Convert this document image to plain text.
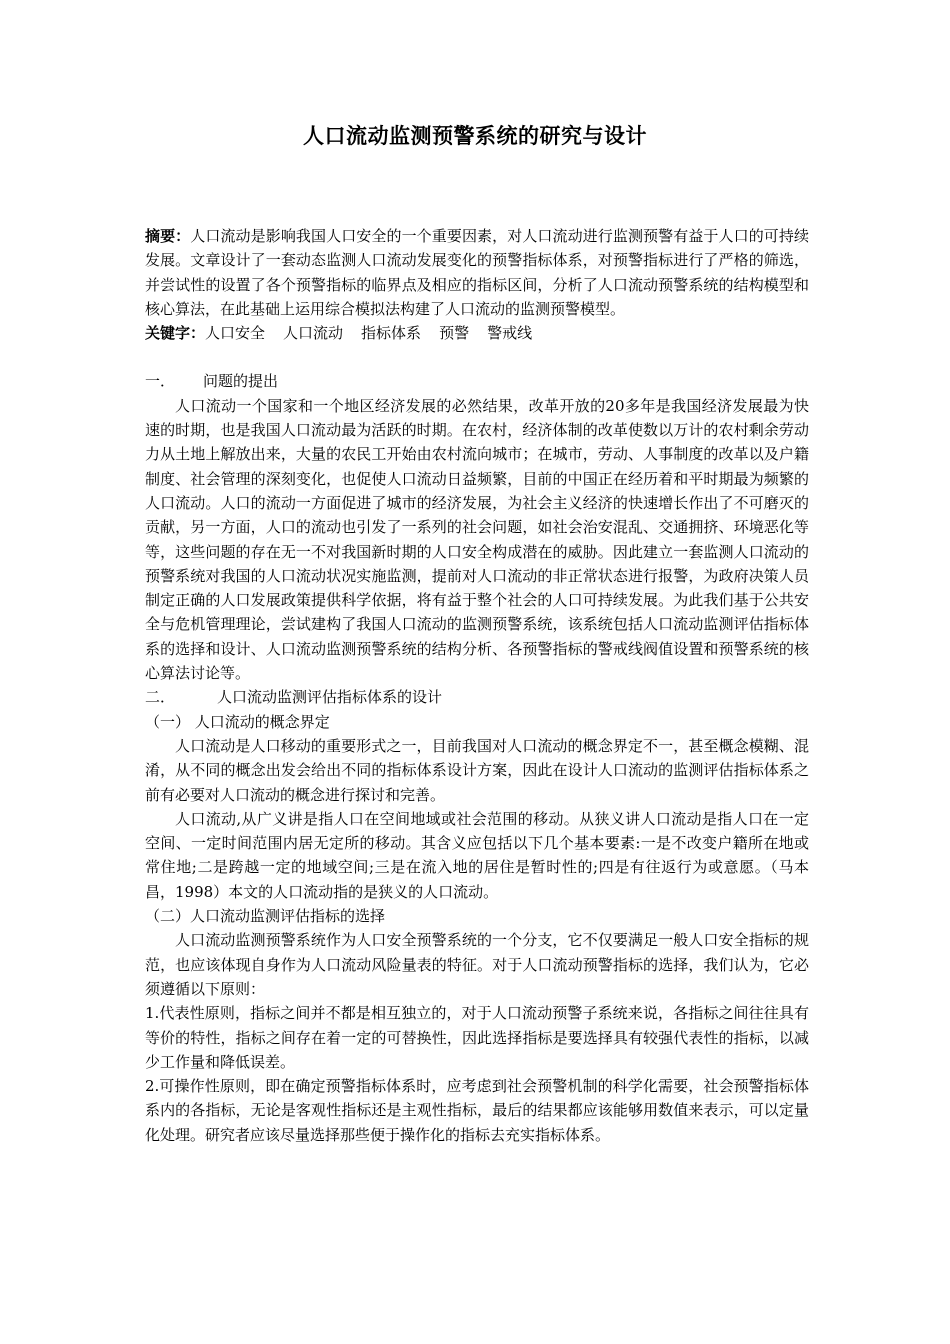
人口流动监测预警系统的研究与设计

摘要：人口流动是影响我国人口安全的一个重要因素，对人口流动进行监测预警有益于人口的可持续发展。文章设计了一套动态监测人口流动发展变化的预警指标体系，对预警指标进行了严格的筛选，并尝试性的设置了各个预警指标的临界点及相应的指标区间，分析了人口流动预警系统的结构模型和核心算法，在此基础上运用综合模拟法构建了人口流动的监测预警模型。

关键字：人口安全 人口流动 指标体系 预警 警戒线

一． 问题的提出

人口流动一个国家和一个地区经济发展的必然结果，改革开放的20多年是我国经济发展最为快速的时期，也是我国人口流动最为活跃的时期。在农村，经济体制的改革使数以万计的农村剩余劳动力从土地上解放出来，大量的农民工开始由农村流向城市；在城市，劳动、人事制度的改革以及户籍制度、社会管理的深刻变化，也促使人口流动日益频繁，目前的中国正在经历着和平时期最为频繁的人口流动。人口的流动一方面促进了城市的经济发展，为社会主义经济的快速增长作出了不可磨灭的贡献，另一方面，人口的流动也引发了一系列的社会问题，如社会治安混乱、交通拥挤、环境恶化等等，这些问题的存在无一不对我国新时期的人口安全构成潜在的威胁。因此建立一套监测人口流动的预警系统对我国的人口流动状况实施监测，提前对人口流动的非正常状态进行报警，为政府决策人员制定正确的人口发展政策提供科学依据，将有益于整个社会的人口可持续发展。为此我们基于公共安全与危机管理理论，尝试建构了我国人口流动的监测预警系统，该系统包括人口流动监测评估指标体系的选择和设计、人口流动监测预警系统的结构分析、各预警指标的警戒线阀值设置和预警系统的核心算法讨论等。

二．	人口流动监测评估指标体系的设计

（一） 人口流动的概念界定

人口流动是人口移动的重要形式之一，目前我国对人口流动的概念界定不一，甚至概念模糊、混淆，从不同的概念出发会给出不同的指标体系设计方案，因此在设计人口流动的监测评估指标体系之前有必要对人口流动的概念进行探讨和完善。

人口流动,从广义讲是指人口在空间地域或社会范围的移动。从狭义讲人口流动是指人口在一定空间、一定时间范围内居无定所的移动。其含义应包括以下几个基本要素:一是不改变户籍所在地或常住地;二是跨越一定的地域空间;三是在流入地的居住是暂时性的;四是有往返行为或意愿。（马本昌，1998）本文的人口流动指的是狭义的人口流动。

（二）人口流动监测评估指标的选择

人口流动监测预警系统作为人口安全预警系统的一个分支，它不仅要满足一般人口安全指标的规范，也应该体现自身作为人口流动风险量表的特征。对于人口流动预警指标的选择，我们认为，它必须遵循以下原则：

1.代表性原则，指标之间并不都是相互独立的，对于人口流动预警子系统来说，各指标之间往往具有等价的特性，指标之间存在着一定的可替换性，因此选择指标是要选择具有较强代表性的指标，以减少工作量和降低误差。

2.可操作性原则，即在确定预警指标体系时，应考虑到社会预警机制的科学化需要，社会预警指标体系内的各指标，无论是客观性指标还是主观性指标，最后的结果都应该能够用数值来表示，可以定量化处理。研究者应该尽量选择那些便于操作化的指标去充实指标体系。
